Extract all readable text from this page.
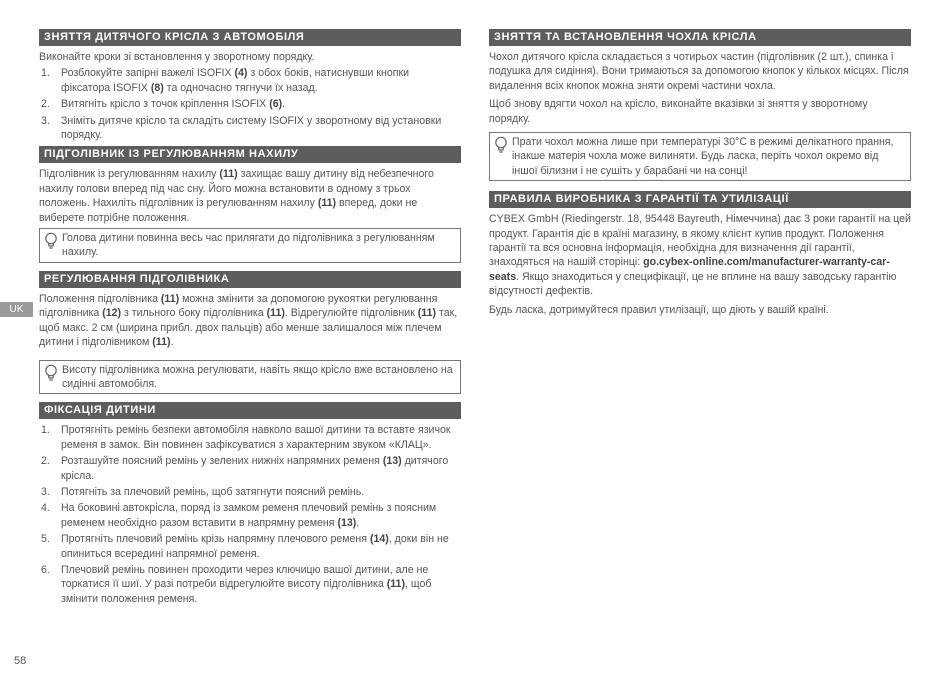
UK
ЗНЯТТЯ ДИТЯЧОГО КРІСЛА З АВТОМОБІЛЯ

Виконайте кроки зі встановлення у зворотному порядку.

1. Розблокуйте запірні важелі ISOFIX (4) з обох боків, натиснувши кнопки фіксатора ISOFIX (8) та одночасно тягнучи їх назад.
2. Витягніть крісло з точок кріплення ISOFIX (6).
3. Зніміть дитяче крісло та складіть систему ISOFIX у зворотному від установки порядку.
ПІДГОЛІВНИК ІЗ РЕГУЛЮВАННЯМ НАХИЛУ

Підголівник із регулюванням нахилу (11) захищає вашу дитину від небезпечного нахилу голови вперед під час сну. Його можна встановити в одному з трьох положень. Нахиліть підголівник із регулюванням нахилу (11) вперед, доки не виберете потрібне положення.

Голова дитини повинна весь час прилягати до підголівника з регулюванням нахилу.
РЕГУЛЮВАННЯ ПІДГОЛІВНИКА

Положення підголівника (11) можна змінити за допомогою рукоятки регулювання підголівника (12) з тильного боку підголівника (11). Відрегулюйте підголівник (11) так, щоб макс. 2 см (ширина прибл. двох пальців) або менше залишалося між плечем дитини і підголівником (11).

Висоту підголівника можна регулювати, навіть якщо крісло вже встановлено на сидінні автомобіля.
ФІКСАЦІЯ ДИТИНИ
1. Протягніть ремінь безпеки автомобіля навколо вашої дитини та вставте язичок ременя в замок. Він повинен зафіксуватися з характерним звуком «КЛАЦ».
2. Розташуйте поясний ремінь у зелених нижніх напрямних ременя (13) дитячого крісла.
3. Потягніть за плечовий ремінь, щоб затягнути поясний ремінь.
4. На боковині автокрісла, поряд із замком ременя плечовий ремінь з поясним ременем необхідно разом вставити в напрямну ременя (13).
5. Протягніть плечовий ремінь крізь напрямну плечового ременя (14), доки він не опиниться всередині напрямної ременя.
6. Плечовий ремінь повинен проходити через ключицю вашої дитини, але не торкатися її шиї. У разі потреби відрегулюйте висоту підголівника (11), щоб змінити положення ременя.
ЗНЯТТЯ ТА ВСТАНОВЛЕННЯ ЧОХЛА КРІСЛА

Чохол дитячого крісла складається з чотирьох частин (підголівник (2 шт.), спинка і подушка для сидіння). Вони тримаються за допомогою кнопок у кількох місцях. Після видалення всіх кнопок можна зняти окремі частини чохла.

Щоб знову вдягти чохол на крісло, виконайте вказівки зі зняття у зворотному порядку.

Прати чохол можна лише при температурі 30°C в режимі делікатного прання, інакше матерія чохла може вилиняти. Будь ласка, періть чохол окремо від іншої білизни і не сушіть у барабані чи на сонці!
ПРАВИЛА ВИРОБНИКА З ГАРАНТІЇ ТА УТИЛІЗАЦІЇ

CYBEX GmbH (Riedingerstr. 18, 95448 Bayreuth, Німеччина) дає 3 роки гарантії на цей продукт. Гарантія діє в країні магазину, в якому клієнт купив продукт. Положення гарантії та вся основна інформація, необхідна для визначення дії гарантії, знаходяться на нашій сторінці: go.cybex-online.com/manufacturer-warranty-car-seats. Якщо знаходиться у специфікації, це не вплине на вашу заводську гарантію відсутності дефектів.

Будь ласка, дотримуйтеся правил утилізації, що діють у вашій країні.

58
